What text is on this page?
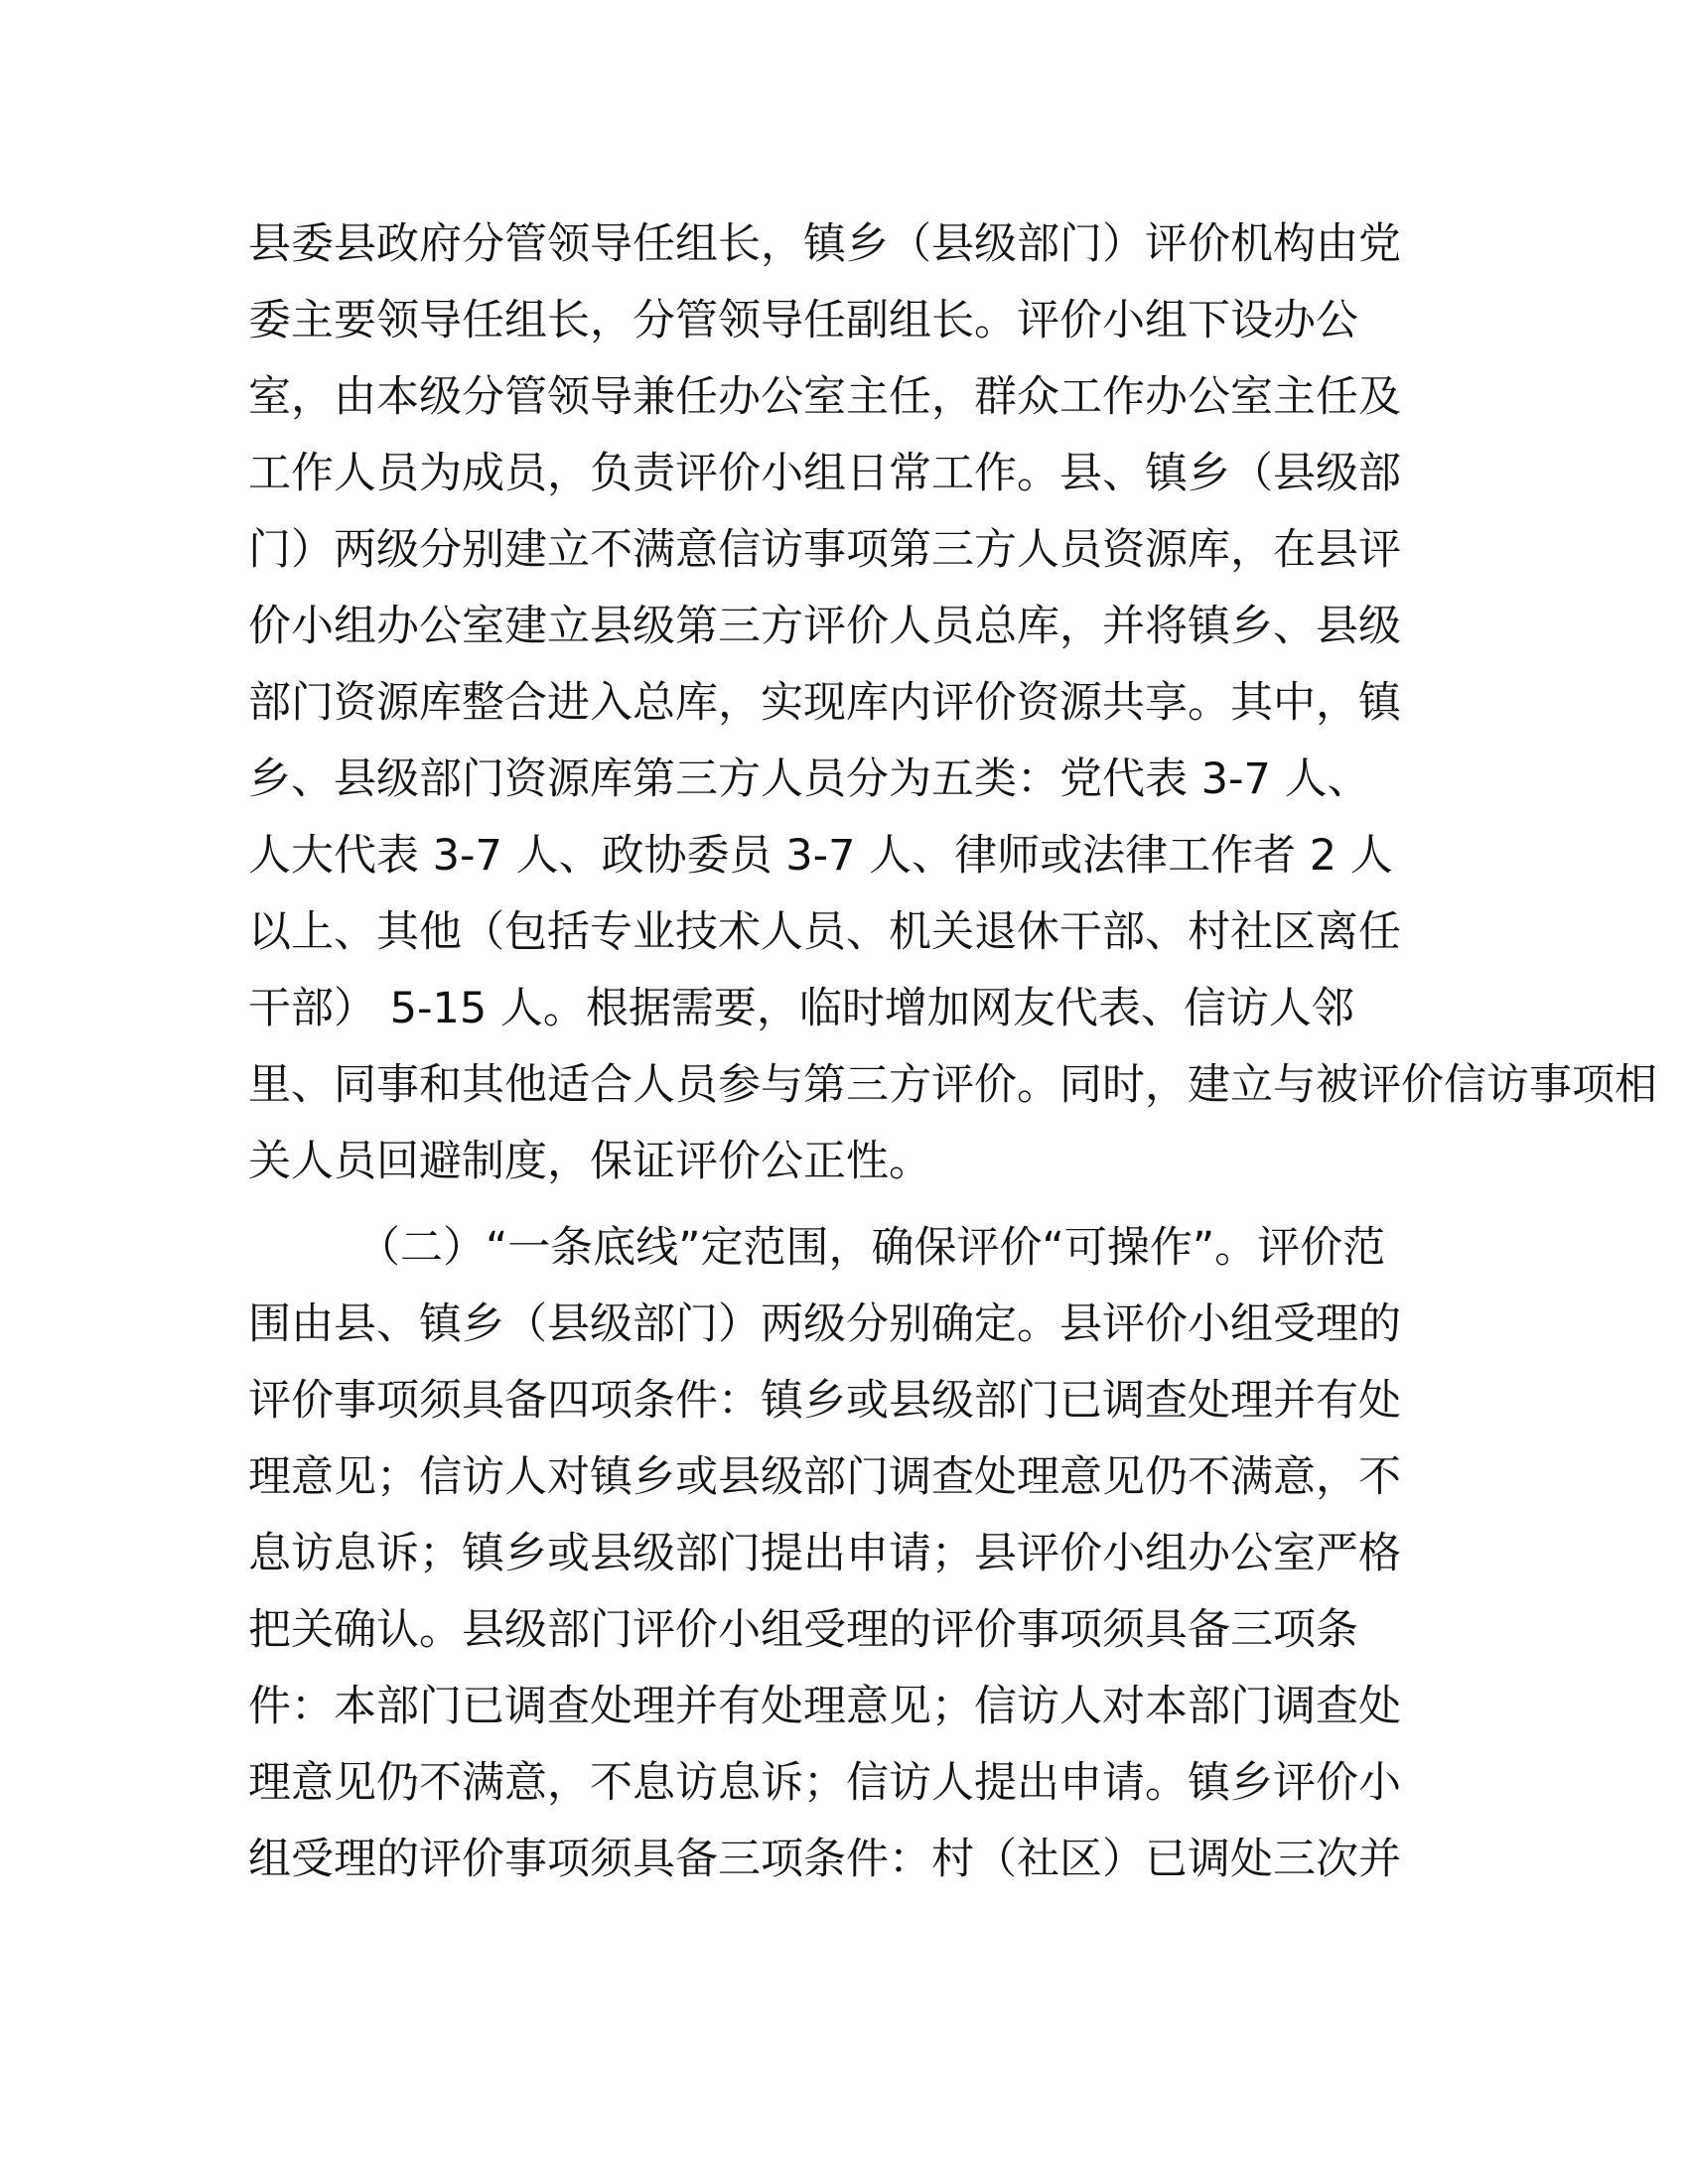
县委县政府分管领导任组长，镇乡（县级部门）评价机构由党
委主要领导任组长，分管领导任副组长。评价小组下设办公
室，由本级分管领导兼任办公室主任，群众工作办公室主任及
工作人员为成员，负责评价小组日常工作。县、镇乡（县级部
门）两级分别建立不满意信访事项第三方人员资源库，在县评
价小组办公室建立县级第三方评价人员总库，并将镇乡、县级
部门资源库整合进入总库，实现库内评价资源共享。其中，镇
乡、县级部门资源库第三方人员分为五类：党代表 3-7 人、
人大代表 3-7 人、政协委员 3-7 人、律师或法律工作者 2 人
以上、其他（包括专业技术人员、机关退休干部、村社区离任
干部） 5-15 人。根据需要，临时增加网友代表、信访人邻
里、同事和其他适合人员参与第三方评价。同时，建立与被评价信访事项相
关人员回避制度，保证评价公正性。
（二）“一条底线”定范围，确保评价“可操作”。评价范
围由县、镇乡（县级部门）两级分别确定。县评价小组受理的
评价事项须具备四项条件：镇乡或县级部门已调查处理并有处
理意见；信访人对镇乡或县级部门调查处理意见仍不满意，不
息访息诉；镇乡或县级部门提出申请；县评价小组办公室严格
把关确认。县级部门评价小组受理的评价事项须具备三项条
件：本部门已调查处理并有处理意见；信访人对本部门调查处
理意见仍不满意，不息访息诉；信访人提出申请。镇乡评价小
组受理的评价事项须具备三项条件：村（社区）已调处三次并
